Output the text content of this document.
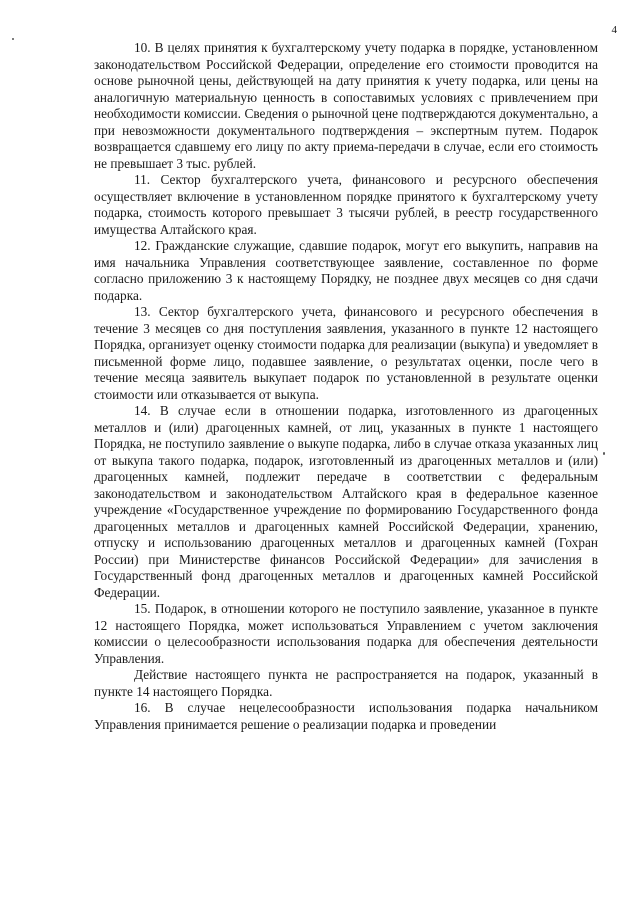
4

10. В целях принятия к бухгалтерскому учету подарка в порядке, установленном законодательством Российской Федерации, определение его стоимости проводится на основе рыночной цены, действующей на дату принятия к учету подарка, или цены на аналогичную материальную ценность в сопоставимых условиях с привлечением при необходимости комиссии. Сведения о рыночной цене подтверждаются документально, а при невозможности документального подтверждения – экспертным путем. Подарок возвращается сдавшему его лицу по акту приема-передачи в случае, если его стоимость не превышает 3 тыс. рублей.

11. Сектор бухгалтерского учета, финансового и ресурсного обеспечения осуществляет включение в установленном порядке принятого к бухгалтерскому учету подарка, стоимость которого превышает 3 тысячи рублей, в реестр государственного имущества Алтайского края.

12. Гражданские служащие, сдавшие подарок, могут его выкупить, направив на имя начальника Управления соответствующее заявление, составленное по форме согласно приложению 3 к настоящему Порядку, не позднее двух месяцев со дня сдачи подарка.

13. Сектор бухгалтерского учета, финансового и ресурсного обеспечения в течение 3 месяцев со дня поступления заявления, указанного в пункте 12 настоящего Порядка, организует оценку стоимости подарка для реализации (выкупа) и уведомляет в письменной форме лицо, подавшее заявление, о результатах оценки, после чего в течение месяца заявитель выкупает подарок по установленной в результате оценки стоимости или отказывается от выкупа.

14. В случае если в отношении подарка, изготовленного из драгоценных металлов и (или) драгоценных камней, от лиц, указанных в пункте 1 настоящего Порядка, не поступило заявление о выкупе подарка, либо в случае отказа указанных лиц от выкупа такого подарка, подарок, изготовленный из драгоценных металлов и (или) драгоценных камней, подлежит передаче в соответствии с федеральным законодательством и законодательством Алтайского края в федеральное казенное учреждение «Государственное учреждение по формированию Государственного фонда драгоценных металлов и драгоценных камней Российской Федерации, хранению, отпуску и использованию драгоценных металлов и драгоценных камней (Гохран России) при Министерстве финансов Российской Федерации» для зачисления в Государственный фонд драгоценных металлов и драгоценных камней Российской Федерации.

15. Подарок, в отношении которого не поступило заявление, указанное в пункте 12 настоящего Порядка, может использоваться Управлением с учетом заключения комиссии о целесообразности использования подарка для обеспечения деятельности Управления.

Действие настоящего пункта не распространяется на подарок, указанный в пункте 14 настоящего Порядка.

16. В случае нецелесообразности использования подарка начальником Управления принимается решение о реализации подарка и проведении
